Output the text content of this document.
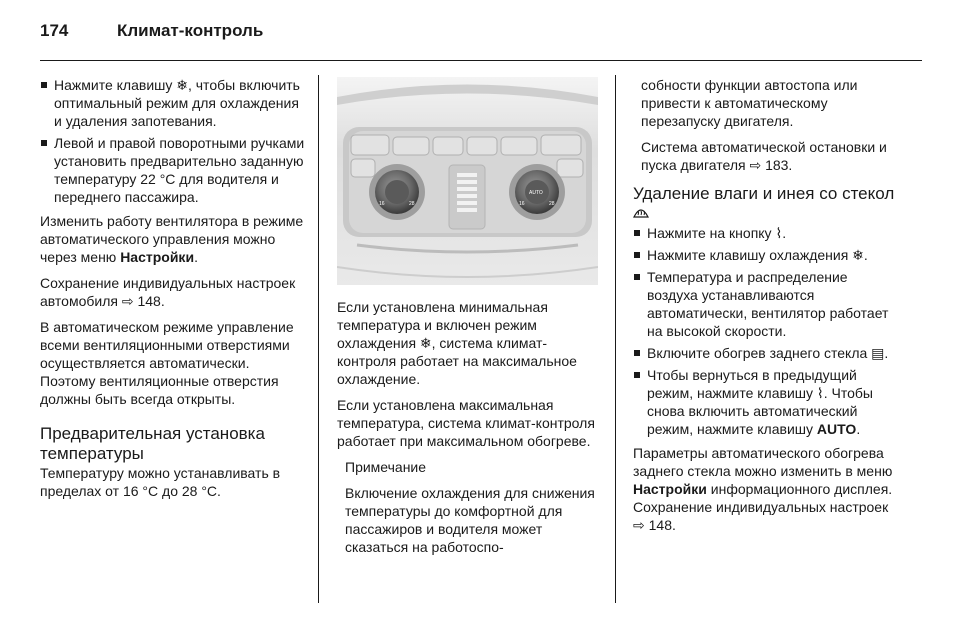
174	Климат-контроль
Нажмите клавишу ❄, чтобы включить оптимальный режим для охлаждения и удаления запотевания.
Левой и правой поворотными ручками установить предварительно заданную температуру 22 °C для водителя и переднего пассажира.

Изменить работу вентилятора в режиме автоматического управления можно через меню Настройки.

Сохранение индивидуальных настроек автомобиля ⇨ 148.

В автоматическом режиме управление всеми вентиляционными отверстиями осуществляется автоматически. Поэтому вентиляционные отверстия должны быть всегда открыты.

Предварительная установка температуры

Температуру можно устанавливать в пределах от 16 °C до 28 °C.

16	28
AUTO
16	28

Если установлена минимальная температура и включен режим охлаждения ❄, система климат-контроля работает на максимальное охлаждение.

Если установлена максимальная температура, система климат-контроля работает при максимальном обогреве.

Примечание

Включение охлаждения для снижения температуры до комфортной для пассажиров и водителя может сказаться на работоспо-

собности функции автостопа или привести к автоматическому перезапуску двигателя.

Система автоматической остановки и пуска двигателя ⇨ 183.

Удаление влаги и инея со стекол
Нажмите на кнопку ⌇.
Нажмите клавишу охлаждения ❄.
Температура и распределение воздуха устанавливаются автоматически, вентилятор работает на высокой скорости.
Включите обогрев заднего стекла ▤.
Чтобы вернуться в предыдущий режим, нажмите клавишу ⌇. Чтобы снова включить автоматический режим, нажмите клавишу AUTO.

Параметры автоматического обогрева заднего стекла можно изменить в меню Настройки информационного дисплея. Сохранение индивидуальных настроек ⇨ 148.
